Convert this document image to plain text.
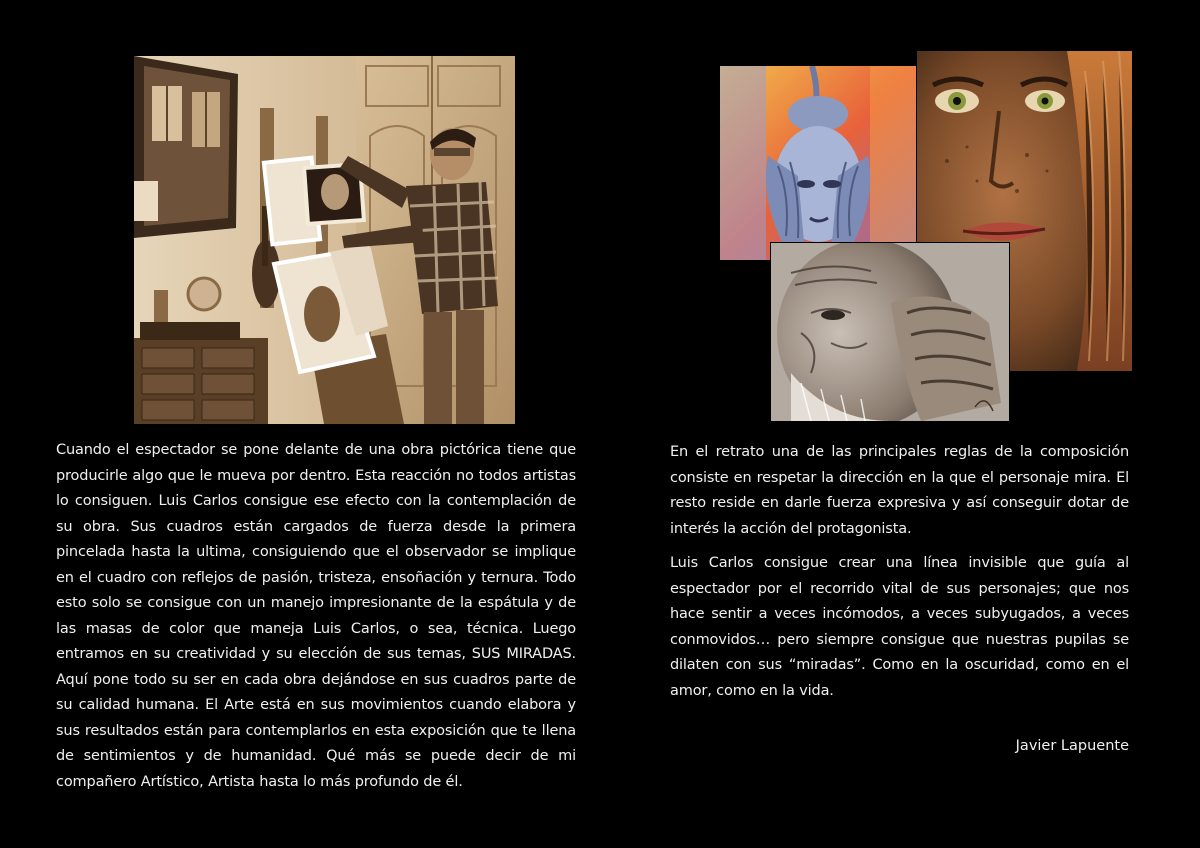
Cuando el espectador se pone delante de una obra pictórica tiene que producirle algo que le mueva por dentro. Esta reacción no todos artistas lo consiguen. Luis Carlos consigue ese efecto con la contemplación de su obra. Sus cuadros están cargados de fuerza desde la primera pincelada hasta la ultima, consiguiendo que el observador se implique en el cuadro con reflejos de pasión, tristeza, ensoñación y ternura. Todo esto solo se consigue con un manejo impresionante de la espátula y de las masas de color que maneja Luis Carlos, o sea, técnica. Luego entramos en su creatividad y su elección de sus temas, SUS MIRADAS. Aquí pone todo su ser en cada obra dejándose en sus cuadros parte de su calidad humana. El Arte está en sus movimientos cuando elabora y sus resultados están para contemplarlos en esta exposición que te llena de sentimientos y de humanidad. Qué más se puede decir de mi compañero Artístico, Artista hasta lo más profundo de él.

En el retrato una de las principales reglas de la composición consiste en respetar la dirección en la que el personaje mira. El resto reside en darle fuerza expresiva y así conseguir dotar de interés la acción del protagonista.

Luis Carlos consigue crear una línea invisible que guía al espectador por el recorrido vital de sus personajes; que nos hace sentir a veces incómodos, a veces subyugados, a veces conmovidos… pero siempre consigue que nuestras pupilas se dilaten con sus “miradas”. Como en la oscuridad, como en el amor, como en la vida.

Javier Lapuente
